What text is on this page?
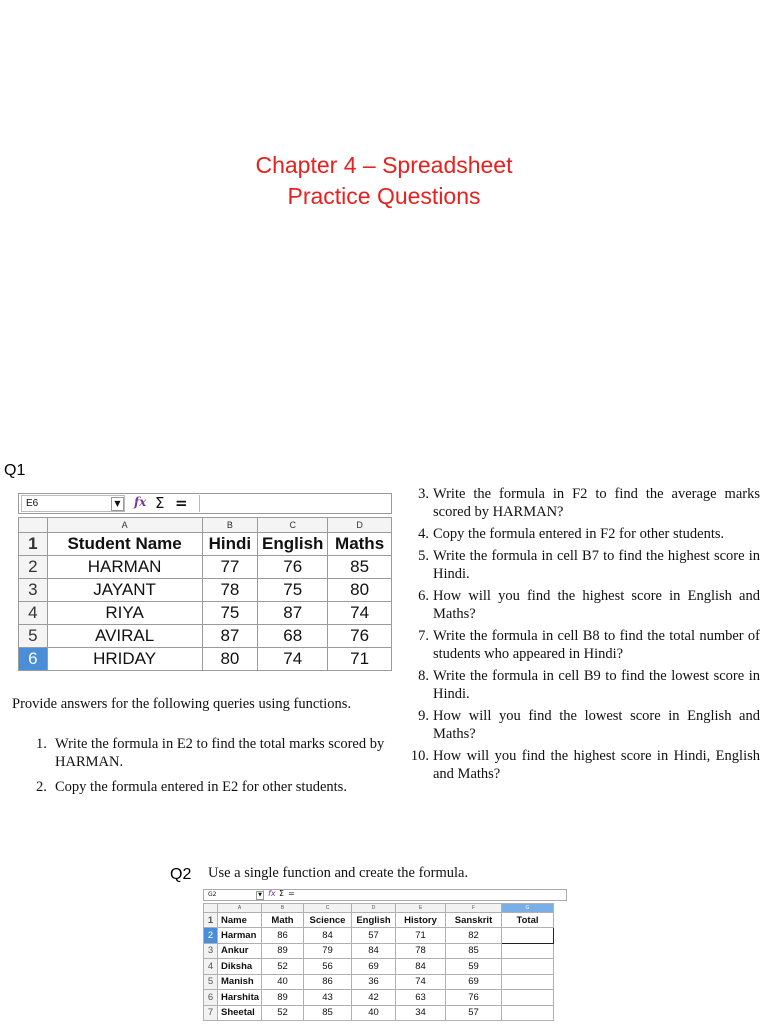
Chapter 4 – Spreadsheet
Practice Questions
Q1
E6	▼ fx Σ =
	A	B	C	D
1	Student Name	Hindi	English	Maths
2	HARMAN	77	76	85
3	JAYANT	78	75	80
4	RIYA	75	87	74
5	AVIRAL	87	68	76
6	HRIDAY	80	74	71
Provide answers for the following queries using functions.
1. Write the formula in E2 to find the total marks scored by HARMAN.
2. Copy the formula entered in E2 for other students.
3. Write the formula in F2 to find the average marks scored by HARMAN?
4. Copy the formula entered in F2 for other students.
5. Write the formula in cell B7 to find the highest score in Hindi.
6. How will you find the highest score in English and Maths?
7. Write the formula in cell B8 to find the total number of students who appeared in Hindi?
8. Write the formula in cell B9 to find the lowest score in Hindi.
9. How will you find the lowest score in English and Maths?
10. How will you find the highest score in Hindi, English and Maths?
Q2 Use a single function and create the formula.
G2	▼ fx Σ =
	A	B	C	D	E	F	G
1	Name	Math	Science	English	History	Sanskrit	Total
2	Harman	86	84	57	71	82	
3	Ankur	89	79	84	78	85	
4	Diksha	52	56	69	84	59	
5	Manish	40	86	36	74	69	
6	Harshita	89	43	42	63	76	
7	Sheetal	52	85	40	34	57	
